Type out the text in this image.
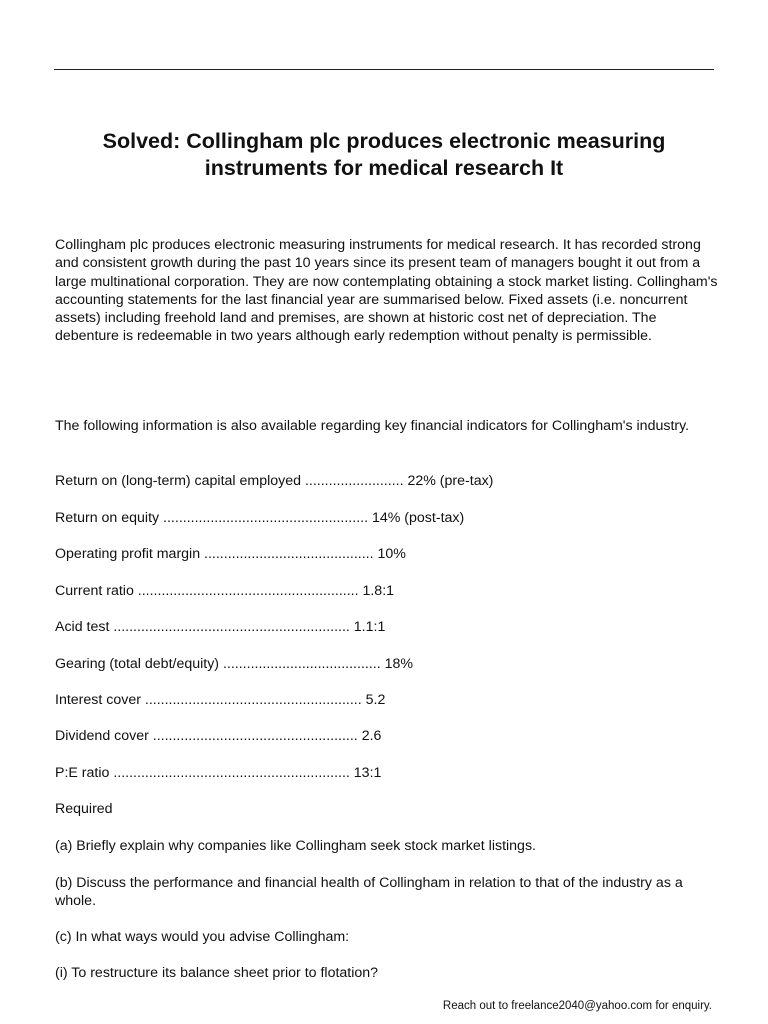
Solved: Collingham plc produces electronic measuring instruments for medical research It

Collingham plc produces electronic measuring instruments for medical research. It has recorded strong and consistent growth during the past 10 years since its present team of managers bought it out from a large multinational corporation. They are now contemplating obtaining a stock market listing. Collingham's accounting statements for the last financial year are summarised below. Fixed assets (i.e. noncurrent assets) including freehold land and premises, are shown at historic cost net of depreciation. The debenture is redeemable in two years although early redemption without penalty is permissible.

The following information is also available regarding key financial indicators for Collingham's industry.

Return on (long-term) capital employed ......................... 22% (pre-tax)

Return on equity .................................................... 14% (post-tax)

Operating profit margin ........................................... 10%

Current ratio ........................................................ 1.8:1

Acid test ............................................................ 1.1:1

Gearing (total debt/equity) ........................................ 18%

Interest cover ....................................................... 5.2

Dividend cover .................................................... 2.6

P:E ratio ............................................................ 13:1

Required

(a) Briefly explain why companies like Collingham seek stock market listings.

(b) Discuss the performance and financial health of Collingham in relation to that of the industry as a whole.

(c) In what ways would you advise Collingham:

(i) To restructure its balance sheet prior to flotation?

Reach out to freelance2040@yahoo.com for enquiry.
